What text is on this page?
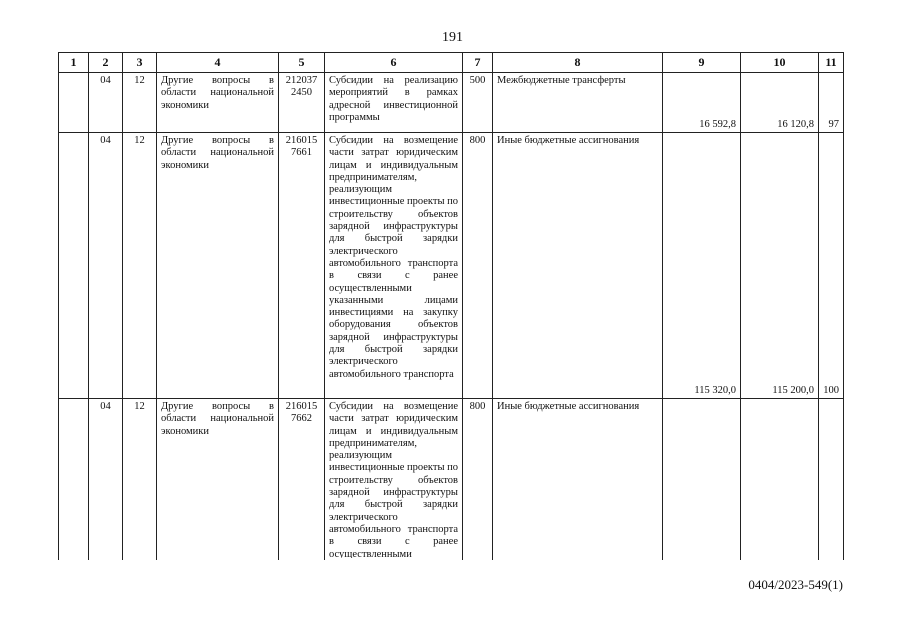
191
1	2	3	4	5	6	7	8	9	10	11
	04	12	Другие вопросы в области национальной экономики	212037 2450	Субсидии на реализацию мероприятий в рамках адресной инвестиционной программы	500	Межбюджетные трансферты	16 592,8	16 120,8	97
	04	12	Другие вопросы в области национальной экономики	216015 7661	Субсидии на возмещение части затрат юридическим лицам и индивидуальным предпринимателям, реализующим инвестиционные проекты по строительству объектов зарядной инфраструктуры для быстрой зарядки электрического автомобильного транспорта в связи с ранее осуществленными указанными лицами инвестициями на закупку оборудования объектов зарядной инфраструктуры для быстрой зарядки электрического автомобильного транспорта	800	Иные бюджетные ассигнования	115 320,0	115 200,0	100
	04	12	Другие вопросы в области национальной экономики	216015 7662	Субсидии на возмещение части затрат юридическим лицам и индивидуальным предпринимателям, реализующим инвестиционные проекты по строительству объектов зарядной инфраструктуры для быстрой зарядки электрического автомобильного транспорта в связи с ранее осуществленными	800	Иные бюджетные ассигнования			
0404/2023-549(1)
